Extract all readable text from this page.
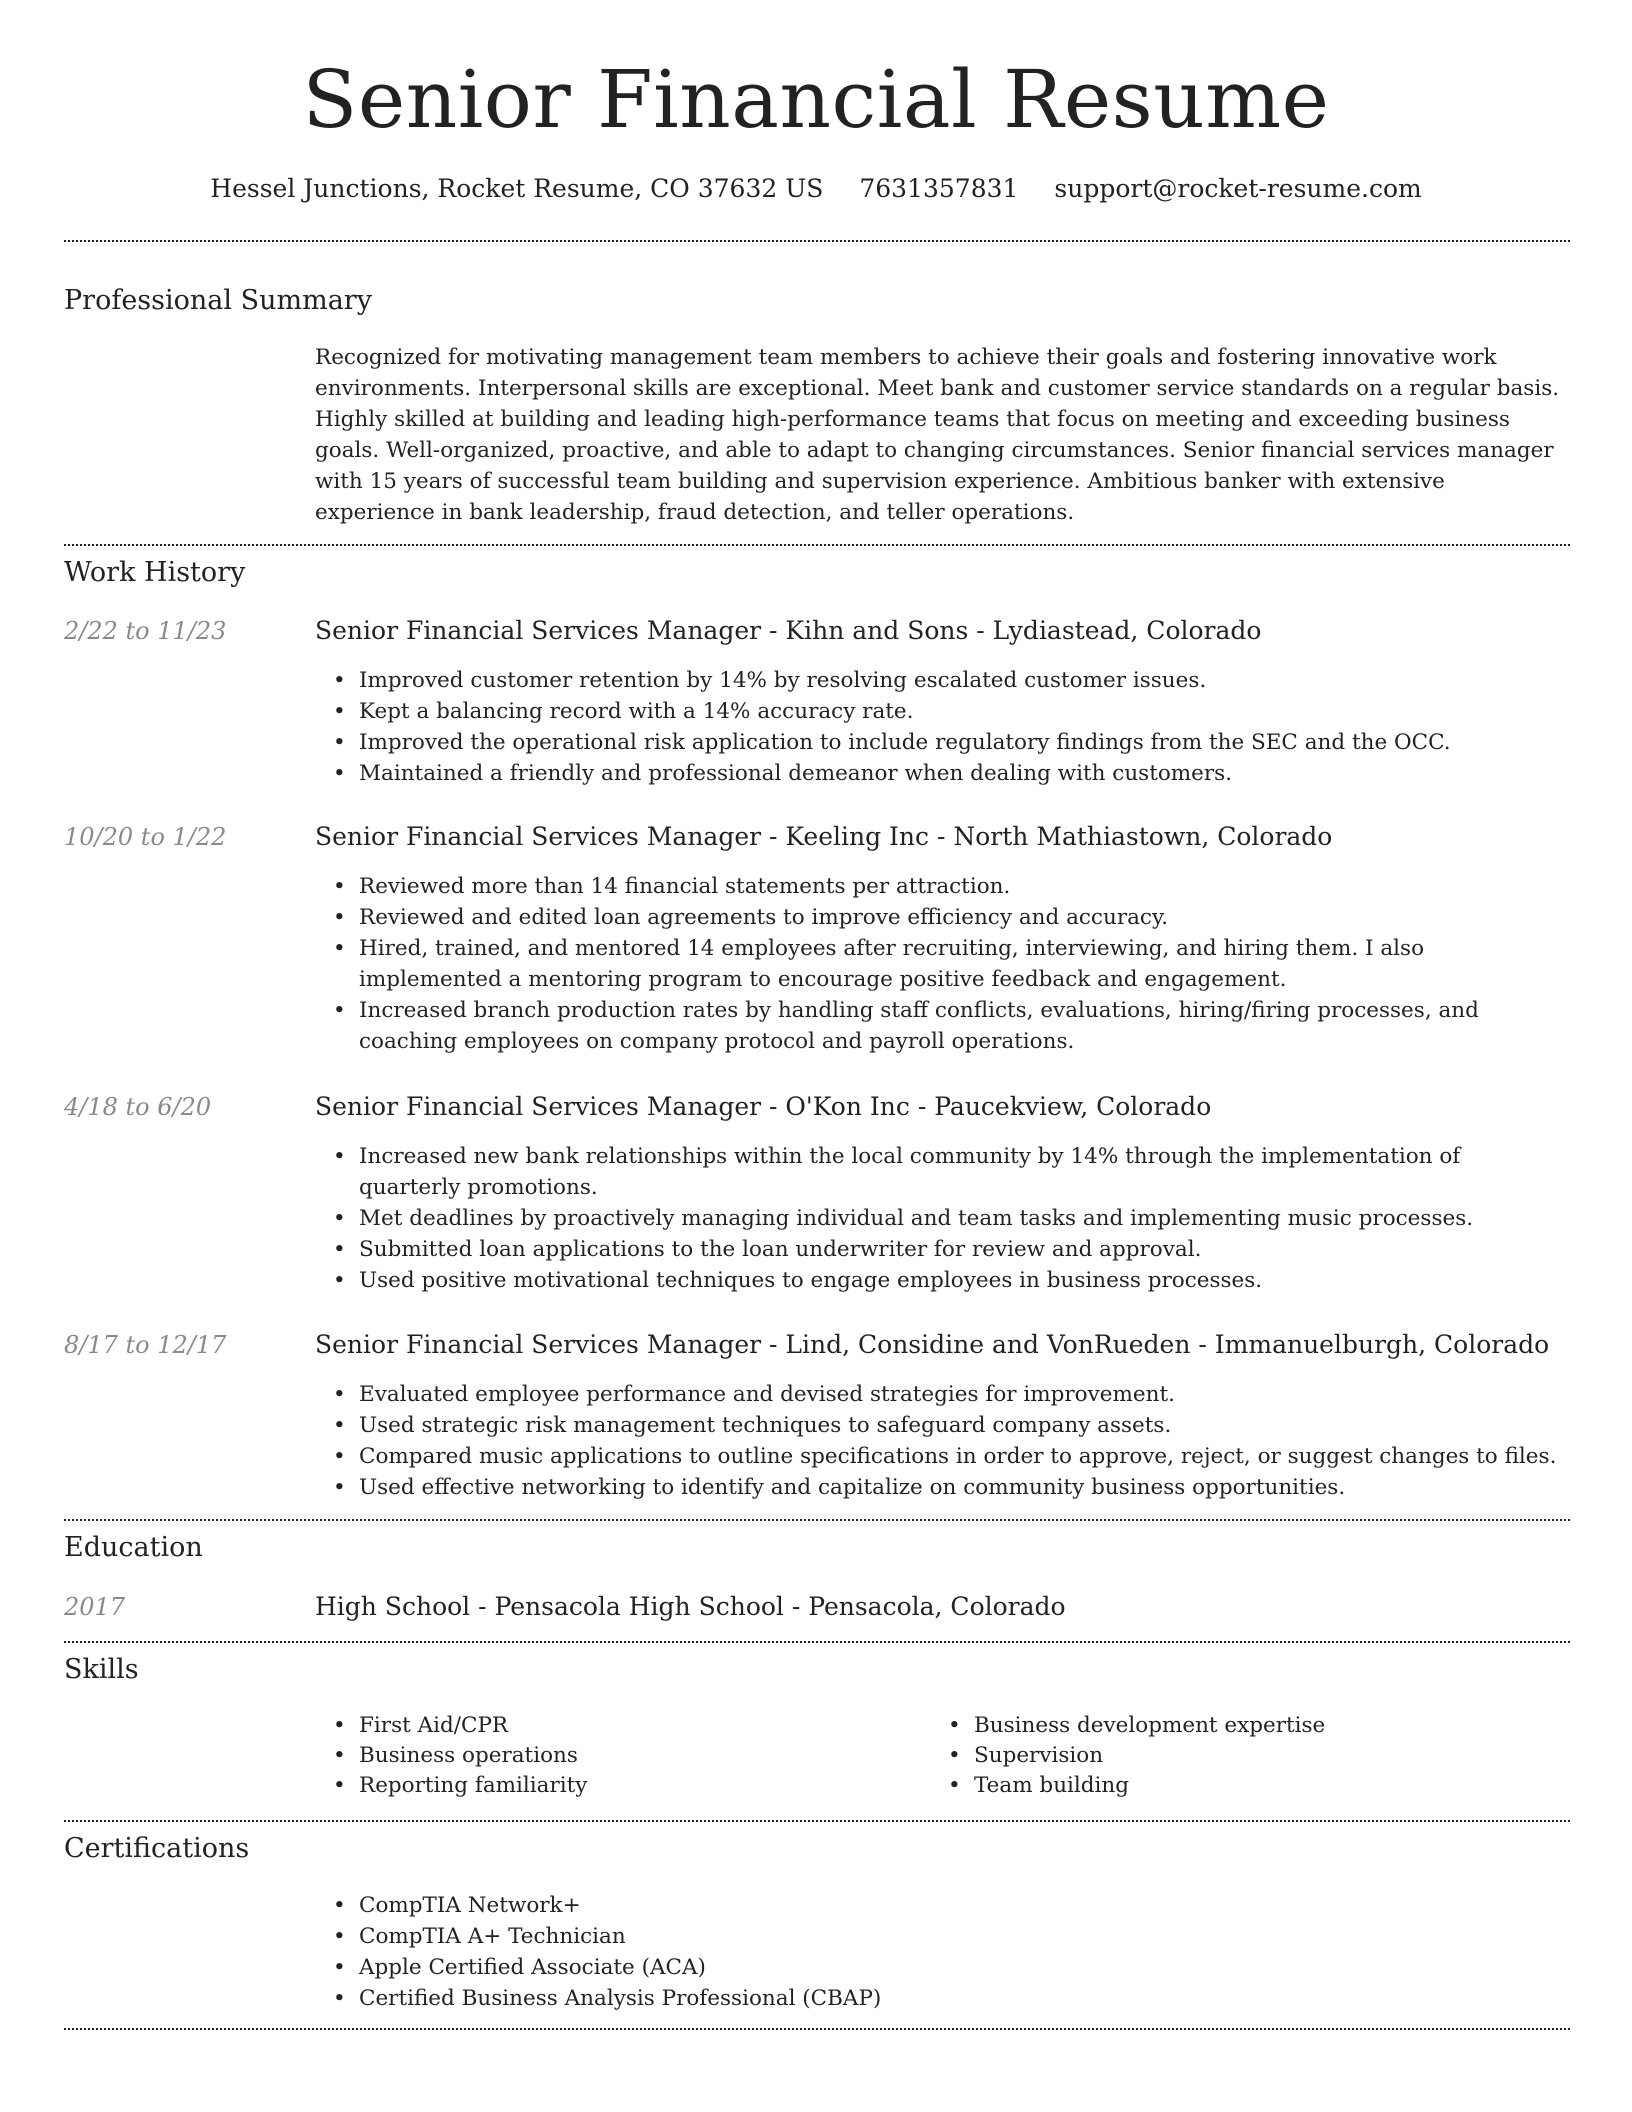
Senior Financial Resume
Hessel Junctions, Rocket Resume, CO 37632 US 7631357831 support@rocket-resume.com
Professional Summary

Recognized for motivating management team members to achieve their goals and fostering innovative work environments. Interpersonal skills are exceptional. Meet bank and customer service standards on a regular basis. Highly skilled at building and leading high-performance teams that focus on meeting and exceeding business goals. Well-organized, proactive, and able to adapt to changing circumstances. Senior financial services manager with 15 years of successful team building and supervision experience. Ambitious banker with extensive experience in bank leadership, fraud detection, and teller operations.

Work History
2/22 to 11/23	Senior Financial Services Manager - Kihn and Sons - Lydiastead, Colorado
• Improved customer retention by 14% by resolving escalated customer issues.
• Kept a balancing record with a 14% accuracy rate.
• Improved the operational risk application to include regulatory findings from the SEC and the OCC.
• Maintained a friendly and professional demeanor when dealing with customers.
10/20 to 1/22	Senior Financial Services Manager - Keeling Inc - North Mathiastown, Colorado
• Reviewed more than 14 financial statements per attraction.
• Reviewed and edited loan agreements to improve efficiency and accuracy.
• Hired, trained, and mentored 14 employees after recruiting, interviewing, and hiring them. I also implemented a mentoring program to encourage positive feedback and engagement.
• Increased branch production rates by handling staff conflicts, evaluations, hiring/firing processes, and coaching employees on company protocol and payroll operations.
4/18 to 6/20	Senior Financial Services Manager - O'Kon Inc - Paucekview, Colorado
• Increased new bank relationships within the local community by 14% through the implementation of quarterly promotions.
• Met deadlines by proactively managing individual and team tasks and implementing music processes.
• Submitted loan applications to the loan underwriter for review and approval.
• Used positive motivational techniques to engage employees in business processes.
8/17 to 12/17	Senior Financial Services Manager - Lind, Considine and VonRueden - Immanuelburgh, Colorado
• Evaluated employee performance and devised strategies for improvement.
• Used strategic risk management techniques to safeguard company assets.
• Compared music applications to outline specifications in order to approve, reject, or suggest changes to files.
• Used effective networking to identify and capitalize on community business opportunities.
Education
2017	High School - Pensacola High School - Pensacola, Colorado
Skills
• First Aid/CPR
• Business operations
• Reporting familiarity
• Business development expertise
• Supervision
• Team building
Certifications
• CompTIA Network+
• CompTIA A+ Technician
• Apple Certified Associate (ACA)
• Certified Business Analysis Professional (CBAP)
